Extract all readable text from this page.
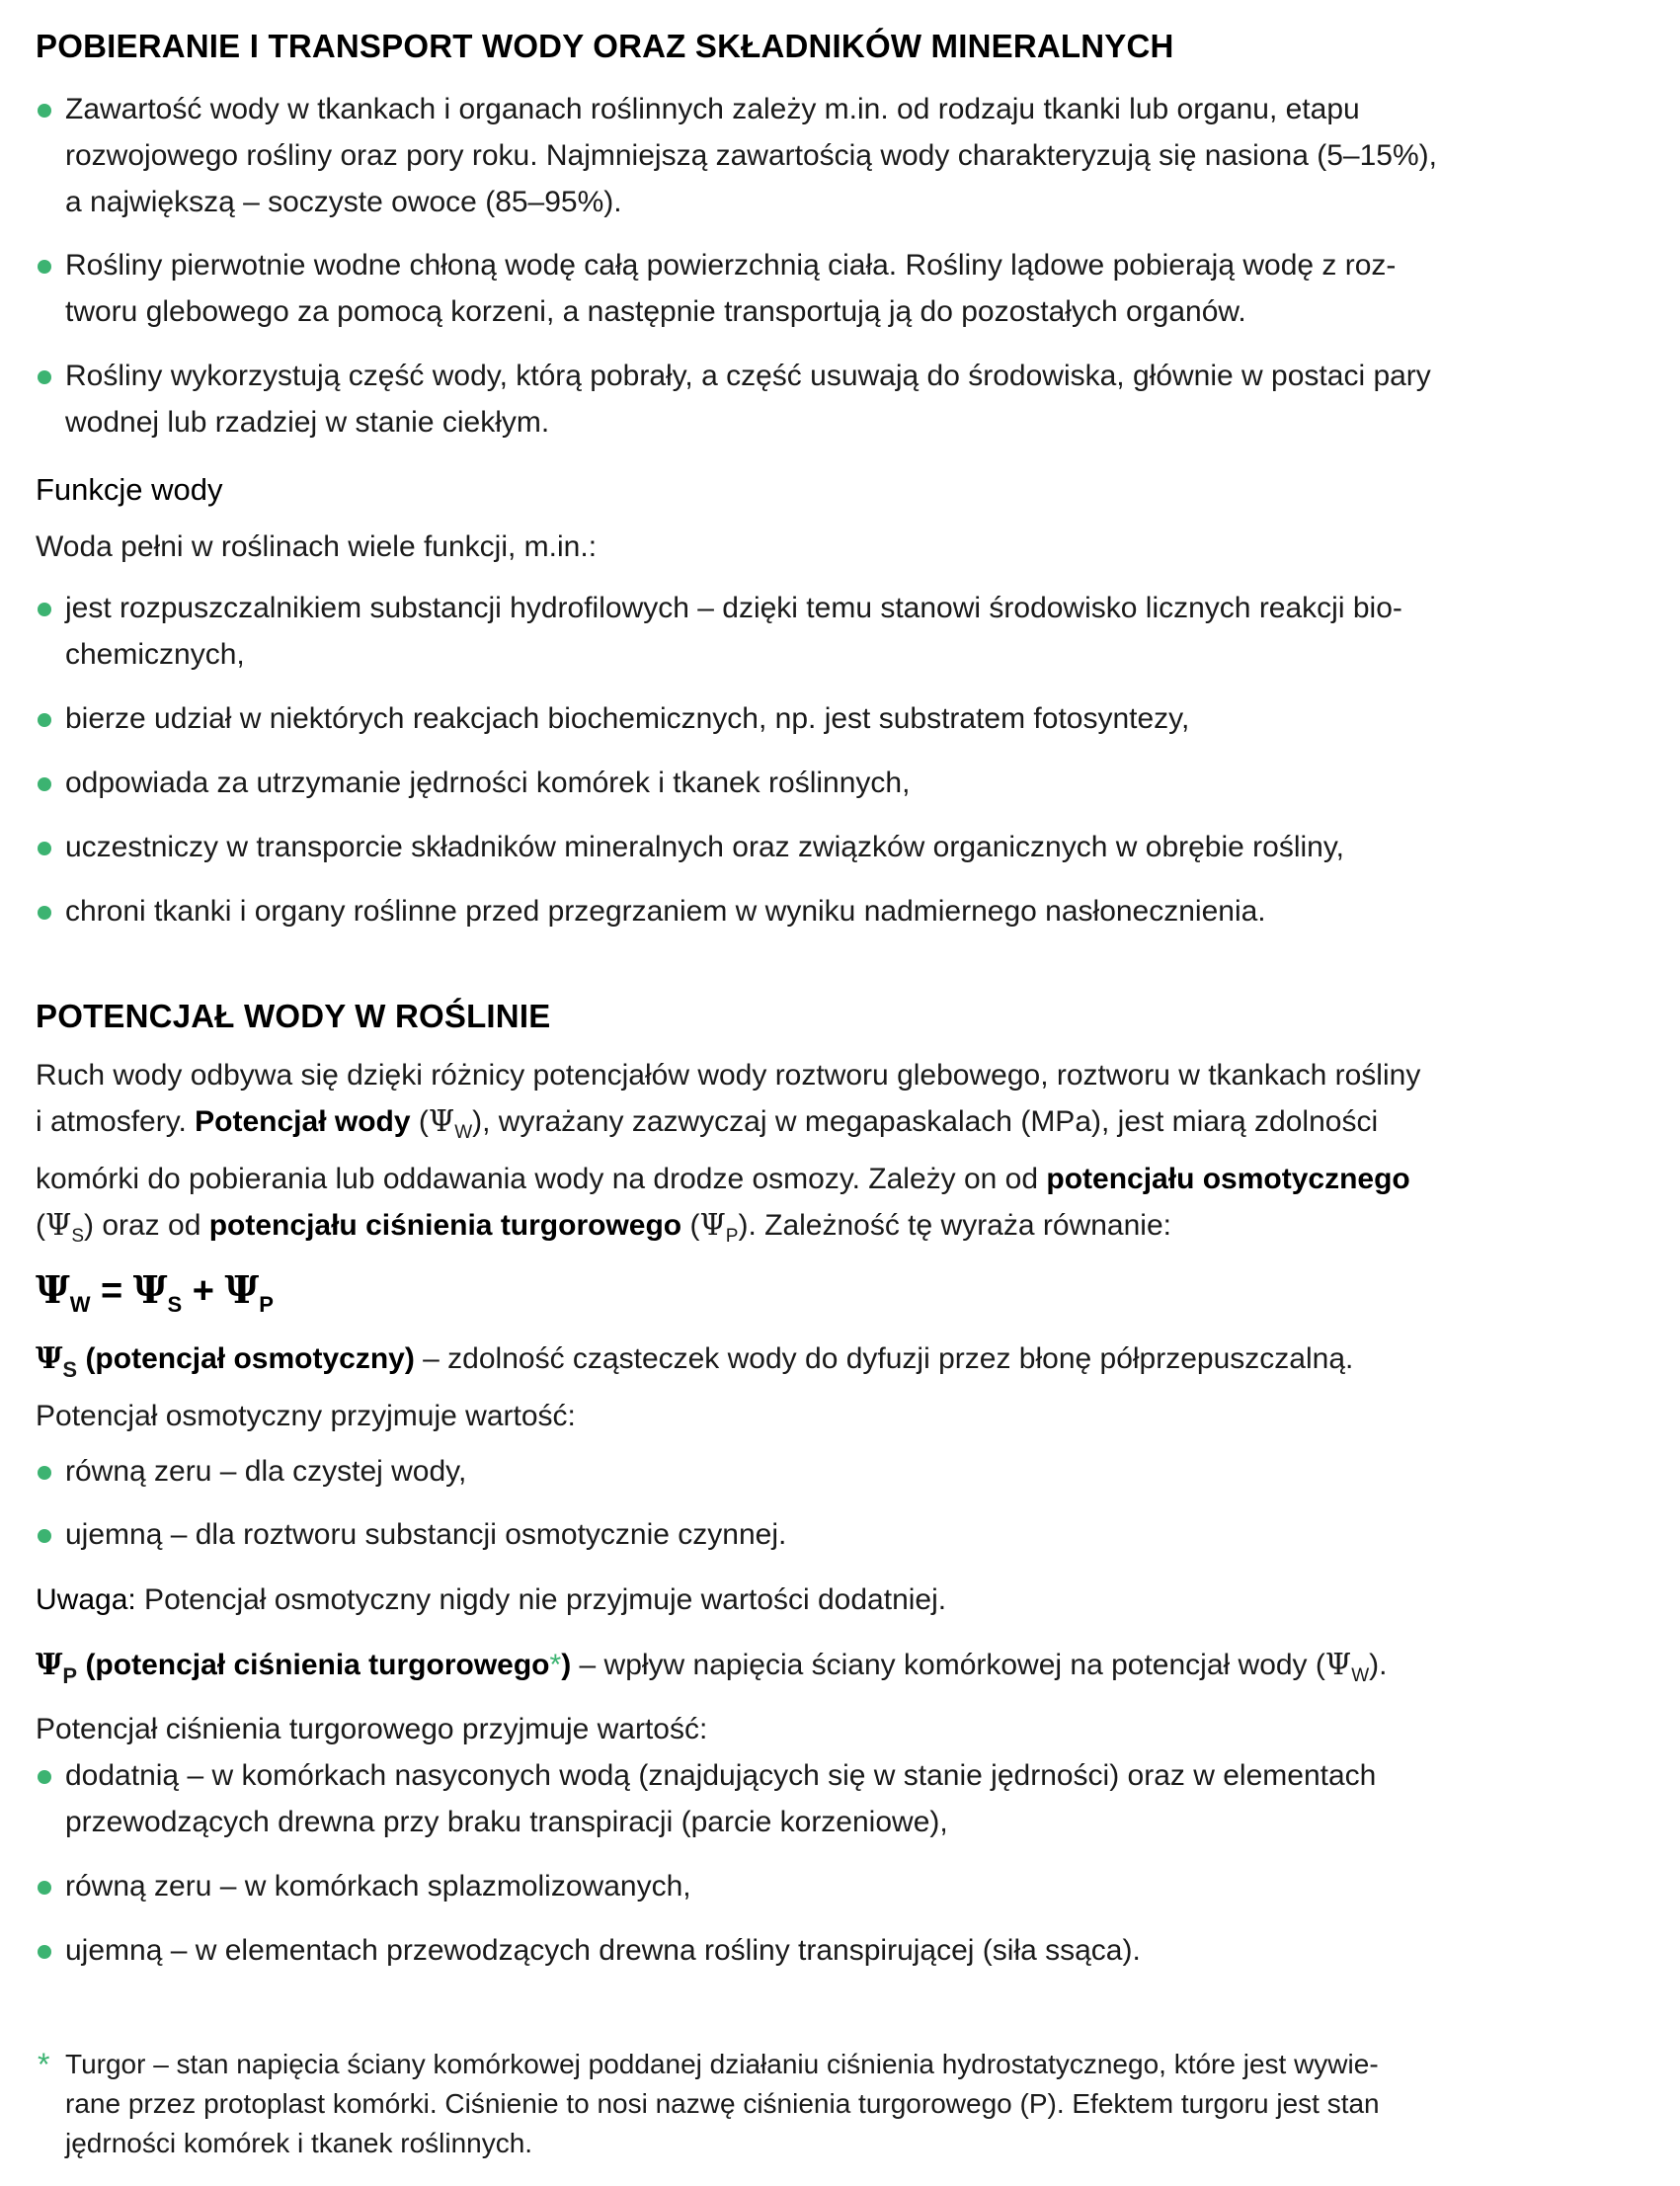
POBIERANIE I TRANSPORT WODY ORAZ SKŁADNIKÓW MINERALNYCH
Zawartość wody w tkankach i organach roślinnych zależy m.in. od rodzaju tkanki lub organu, etapu
rozwojowego rośliny oraz pory roku. Najmniejszą zawartością wody charakteryzują się nasiona (5–15%),
a największą – soczyste owoce (85–95%).
Rośliny pierwotnie wodne chłoną wodę całą powierzchnią ciała. Rośliny lądowe pobierają wodę z roz-
tworu glebowego za pomocą korzeni, a następnie transportują ją do pozostałych organów.
Rośliny wykorzystują część wody, którą pobrały, a część usuwają do środowiska, głównie w postaci pary
wodnej lub rzadziej w stanie ciekłym.
Funkcje wody
Woda pełni w roślinach wiele funkcji, m.in.:
jest rozpuszczalnikiem substancji hydrofilowych – dzięki temu stanowi środowisko licznych reakcji bio-
chemicznych,
bierze udział w niektórych reakcjach biochemicznych, np. jest substratem fotosyntezy,
odpowiada za utrzymanie jędrności komórek i tkanek roślinnych,
uczestniczy w transporcie składników mineralnych oraz związków organicznych w obrębie rośliny,
chroni tkanki i organy roślinne przed przegrzaniem w wyniku nadmiernego nasłonecznienia.
POTENCJAŁ WODY W ROŚLINIE
Ruch wody odbywa się dzięki różnicy potencjałów wody roztworu glebowego, roztworu w tkankach rośliny
i atmosfery. Potencjał wody $(\Psi_W)$, wyrażany zazwyczaj w megapaskalach (MPa), jest miarą zdolności
komórki do pobierania lub oddawania wody na drodze osmozy. Zależy on od potencjału osmotycznego
$(\Psi_S)$ oraz od potencjału ciśnienia turgorowego $(\Psi_P)$. Zależność tę wyraża równanie:
$\Psi_W = \Psi_S + \Psi_P$
$\Psi_S$ (potencjał osmotyczny) – zdolność cząsteczek wody do dyfuzji przez błonę półprzepuszczalną.
Potencjał osmotyczny przyjmuje wartość:
równą zeru – dla czystej wody,
ujemną – dla roztworu substancji osmotycznie czynnej.
Uwaga: Potencjał osmotyczny nigdy nie przyjmuje wartości dodatniej.
$\Psi_P$ (potencjał ciśnienia turgorowego*) – wpływ napięcia ściany komórkowej na potencjał wody $(\Psi_W)$.
Potencjał ciśnienia turgorowego przyjmuje wartość:
dodatnią – w komórkach nasyconych wodą (znajdujących się w stanie jędrności) oraz w elementach
przewodzących drewna przy braku transpiracji (parcie korzeniowe),
równą zeru – w komórkach splazmolizowanych,
ujemną – w elementach przewodzących drewna rośliny transpirującej (siła ssąca).
* Turgor – stan napięcia ściany komórkowej poddanej działaniu ciśnienia hydrostatycznego, które jest wywie-
rane przez protoplast komórki. Ciśnienie to nosi nazwę ciśnienia turgorowego (P). Efektem turgoru jest stan
jędrności komórek i tkanek roślinnych.
